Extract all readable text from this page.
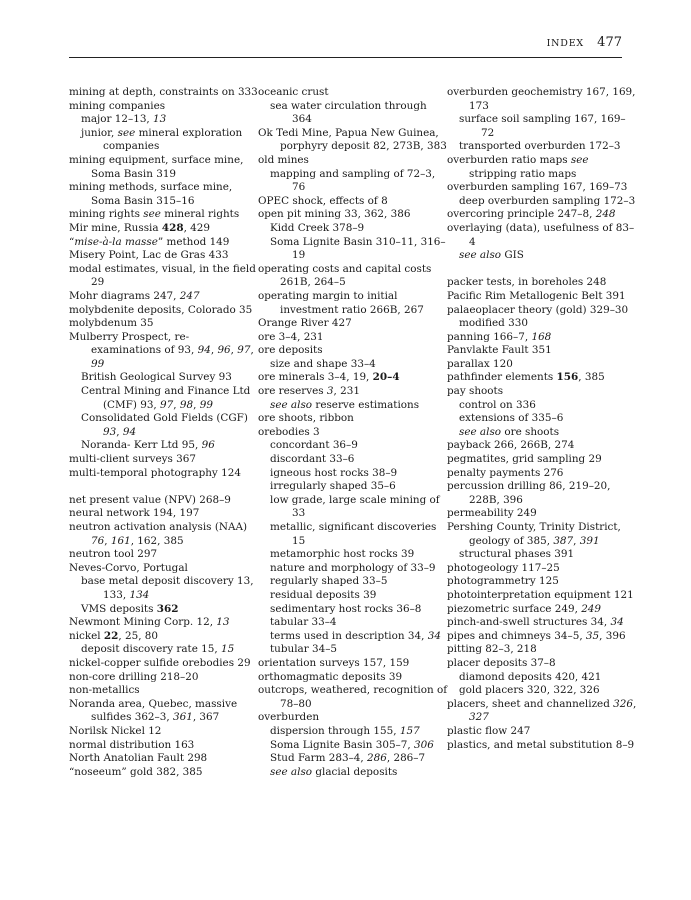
INDEX 477

mining at depth, constraints on 333

mining companies

major 12–13, 13

junior, see mineral exploration companies

mining equipment, surface mine, Soma Basin 319

mining methods, surface mine, Soma Basin 315–16

mining rights see mineral rights

Mir mine, Russia 428, 429

“mise-à-la masse” method 149

Misery Point, Lac de Gras 433

modal estimates, visual, in the field 29

Mohr diagrams 247, 247

molybdenite deposits, Colorado 35

molybdenum 35

Mulberry Prospect, re-examinations of 93, 94, 96, 97, 99

British Geological Survey 93

Central Mining and Finance Ltd (CMF) 93, 97, 98, 99

Consolidated Gold Fields (CGF) 93, 94

Noranda- Kerr Ltd 95, 96

multi-client surveys 367

multi-temporal photography 124

net present value (NPV) 268–9

neural network 194, 197

neutron activation analysis (NAA) 76, 161, 162, 385

neutron tool 297

Neves-Corvo, Portugal

base metal deposit discovery 13, 133, 134

VMS deposits 362

Newmont Mining Corp. 12, 13

nickel 22, 25, 80

deposit discovery rate 15, 15

nickel-copper sulfide orebodies 29

non-core drilling 218–20

non-metallics

Noranda area, Quebec, massive sulfides 362–3, 361, 367

Norilsk Nickel 12

normal distribution 163

North Anatolian Fault 298

“noseeum” gold 382, 385

oceanic crust

sea water circulation through 364

Ok Tedi Mine, Papua New Guinea, porphyry deposit 82, 273B, 383

old mines

mapping and sampling of 72–3, 76

OPEC shock, effects of 8

open pit mining 33, 362, 386

Kidd Creek 378–9

Soma Lignite Basin 310–11, 316–19

operating costs and capital costs 261B, 264–5

operating margin to initial investment ratio 266B, 267

Orange River 427

ore 3–4, 231

ore deposits

size and shape 33–4

ore minerals 3–4, 19, 20–4

ore reserves 3, 231

see also reserve estimations

ore shoots, ribbon

orebodies 3

concordant 36–9

discordant 33–6

igneous host rocks 38–9

irregularly shaped 35–6

low grade, large scale mining of 33

metallic, significant discoveries 15

metamorphic host rocks 39

nature and morphology of 33–9

regularly shaped 33–5

residual deposits 39

sedimentary host rocks 36–8

tabular 33–4

terms used in description 34, 34

tubular 34–5

orientation surveys 157, 159

orthomagmatic deposits 39

outcrops, weathered, recognition of 78–80

overburden

dispersion through 155, 157

Soma Lignite Basin 305–7, 306

Stud Farm 283–4, 286, 286–7

see also glacial deposits

overburden geochemistry 167, 169, 173

surface soil sampling 167, 169–72

transported overburden 172–3

overburden ratio maps see stripping ratio maps

overburden sampling 167, 169–73

deep overburden sampling 172–3

overcoring principle 247–8, 248

overlaying (data), usefulness of 83–4

see also GIS

packer tests, in boreholes 248

Pacific Rim Metallogenic Belt 391

palaeoplacer theory (gold) 329–30

modified 330

panning 166–7, 168

Panvlakte Fault 351

parallax 120

pathfinder elements 156, 385

pay shoots

control on 336

extensions of 335–6

see also ore shoots

payback 266, 266B, 274

pegmatites, grid sampling 29

penalty payments 276

percussion drilling 86, 219–20, 228B, 396

permeability 249

Pershing County, Trinity District, geology of 385, 387, 391

structural phases 391

photogeology 117–25

photogrammetry 125

photointerpretation equipment 121

piezometric surface 249, 249

pinch-and-swell structures 34, 34

pipes and chimneys 34–5, 35, 396

pitting 82–3, 218

placer deposits 37–8

diamond deposits 420, 421

gold placers 320, 322, 326

placers, sheet and channelized 326, 327

plastic flow 247

plastics, and metal substitution 8–9
